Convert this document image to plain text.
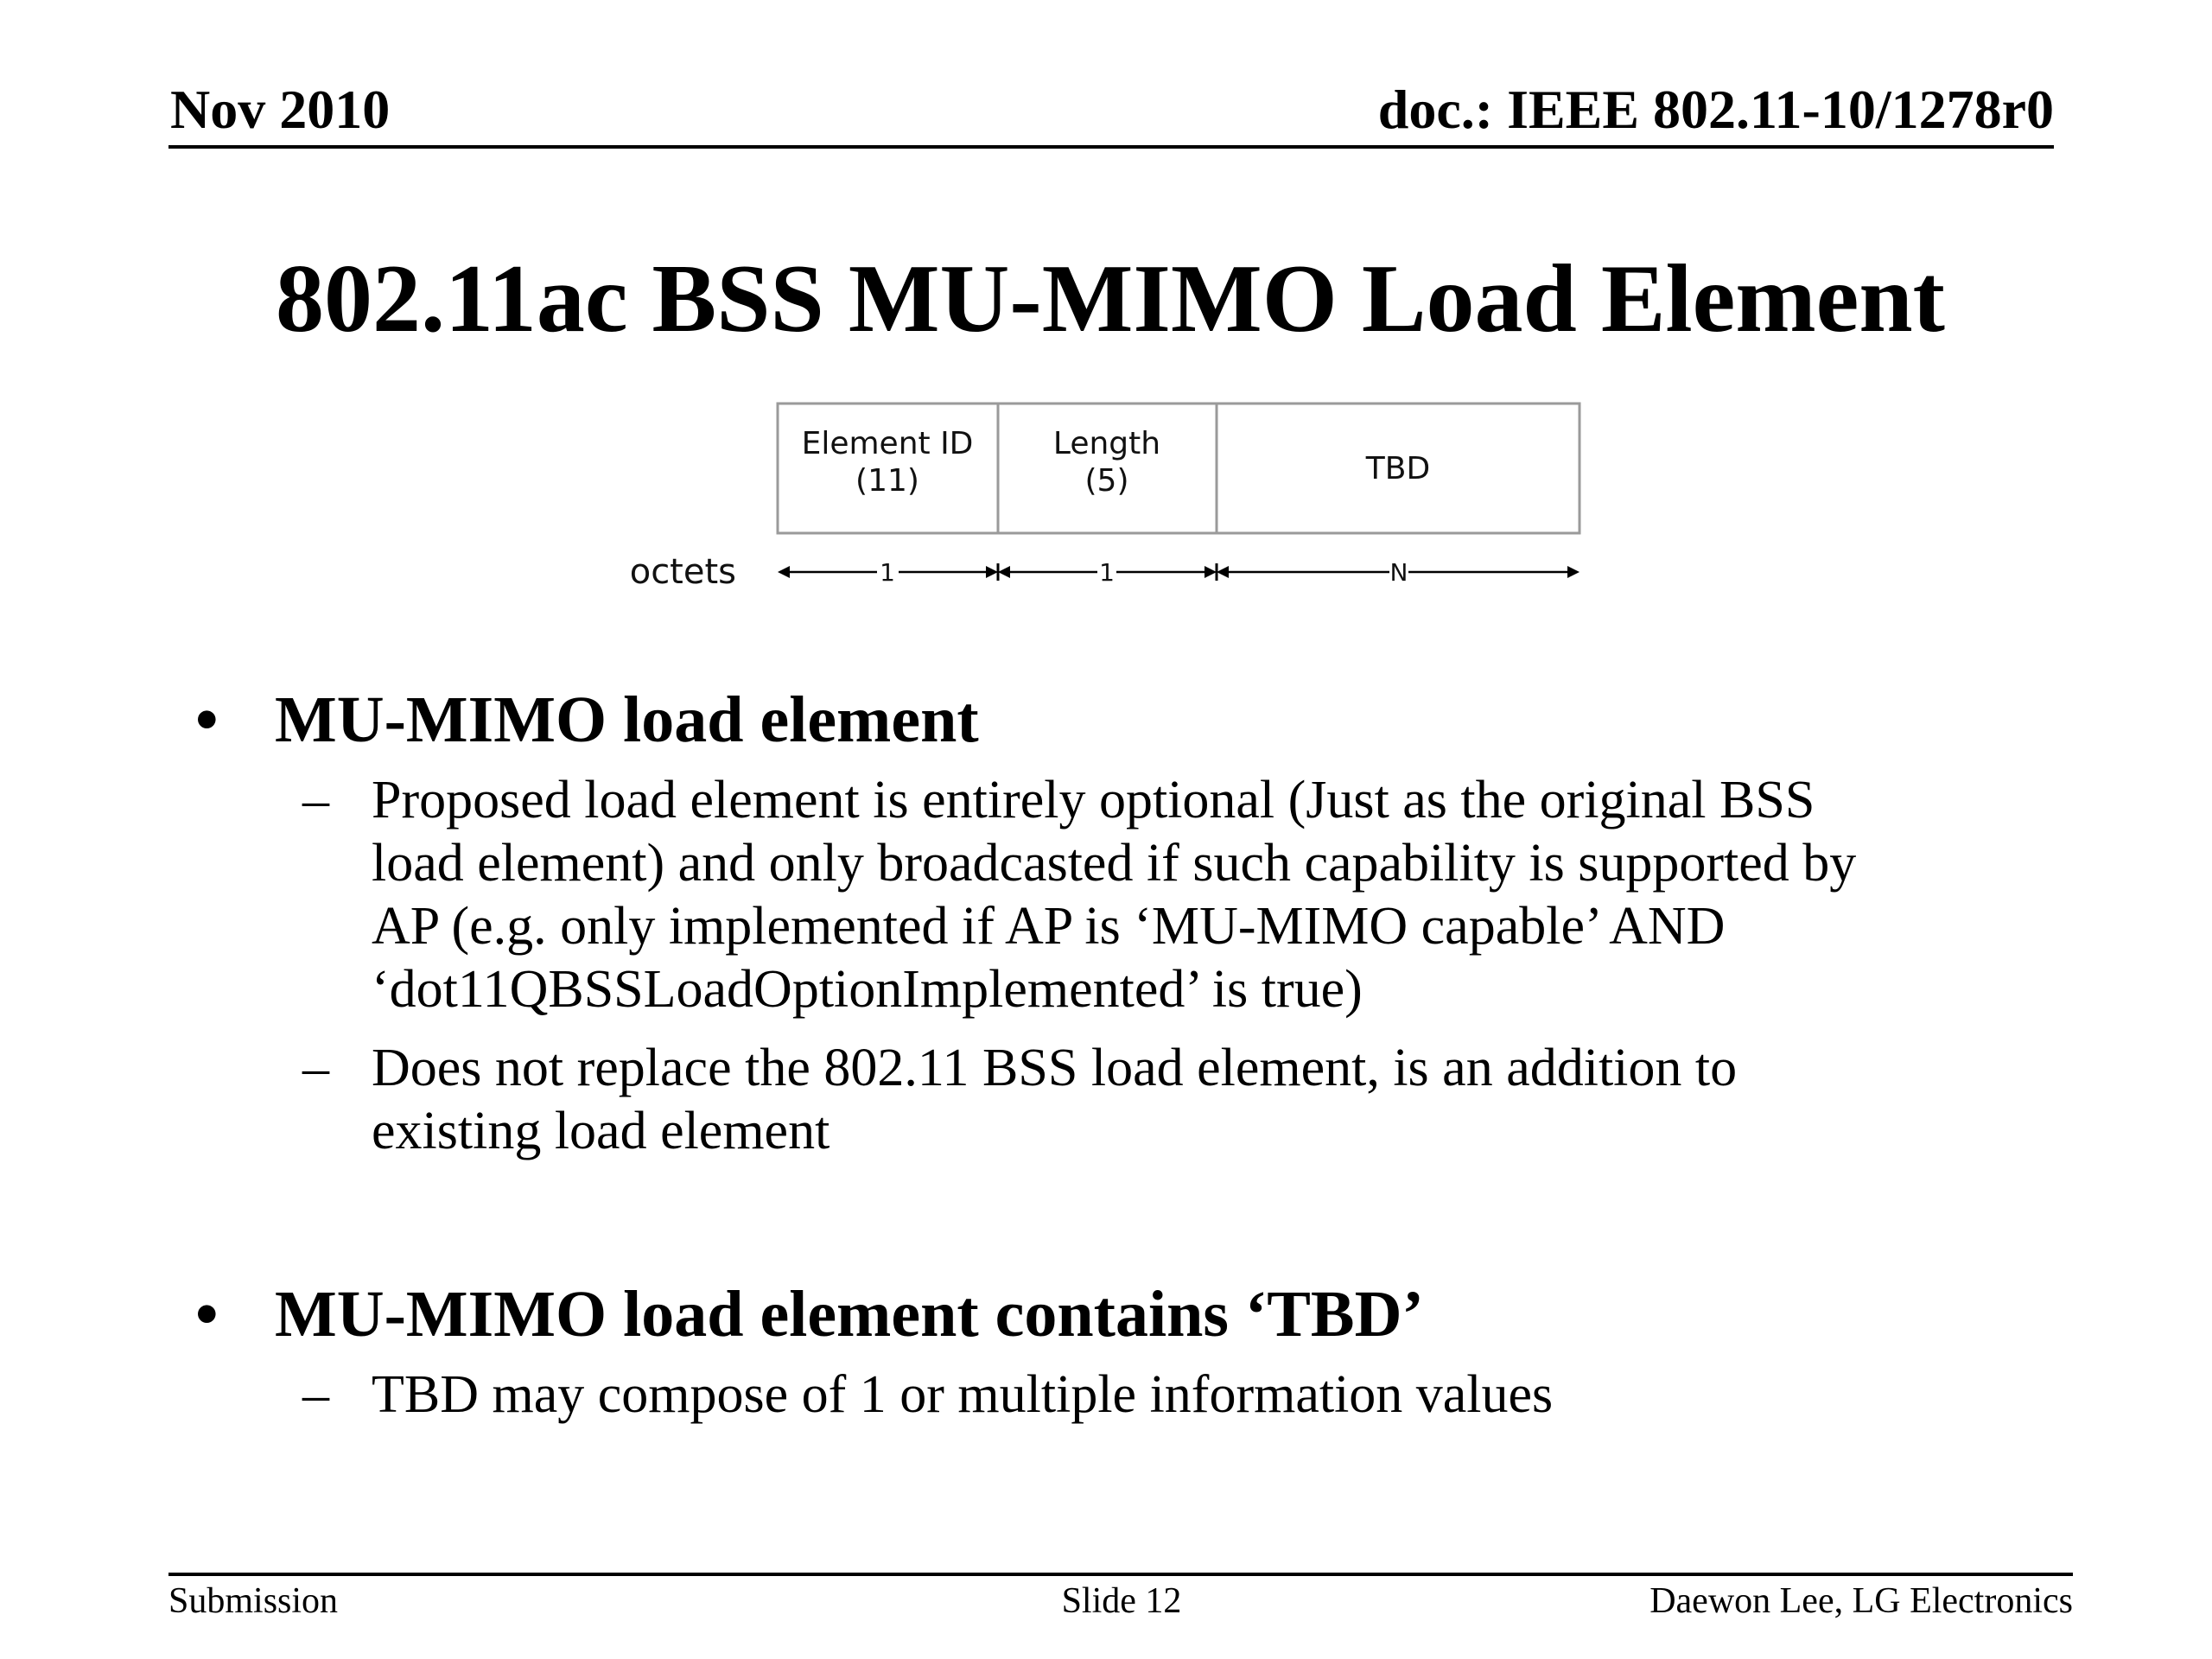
Nov 2010	doc.: IEEE 802.11-10/1278r0
802.11ac BSS MU-MIMO Load Element
Element ID
(11)
Length
(5)	TBD
octets	1	1	N
• MU-MIMO load element
– Proposed load element is entirely optional (Just as the original BSS
load element) and only broadcasted if such capability is supported by
AP (e.g. only implemented if AP is ‘MU-MIMO capable’ AND
‘dot11QBSSLoadOptionImplemented’ is true)
– Does not replace the 802.11 BSS load element, is an addition to
existing load element
• MU-MIMO load element contains ‘TBD’
– TBD may compose of 1 or multiple information values
Submission	Slide 12	Daewon Lee, LG Electronics
